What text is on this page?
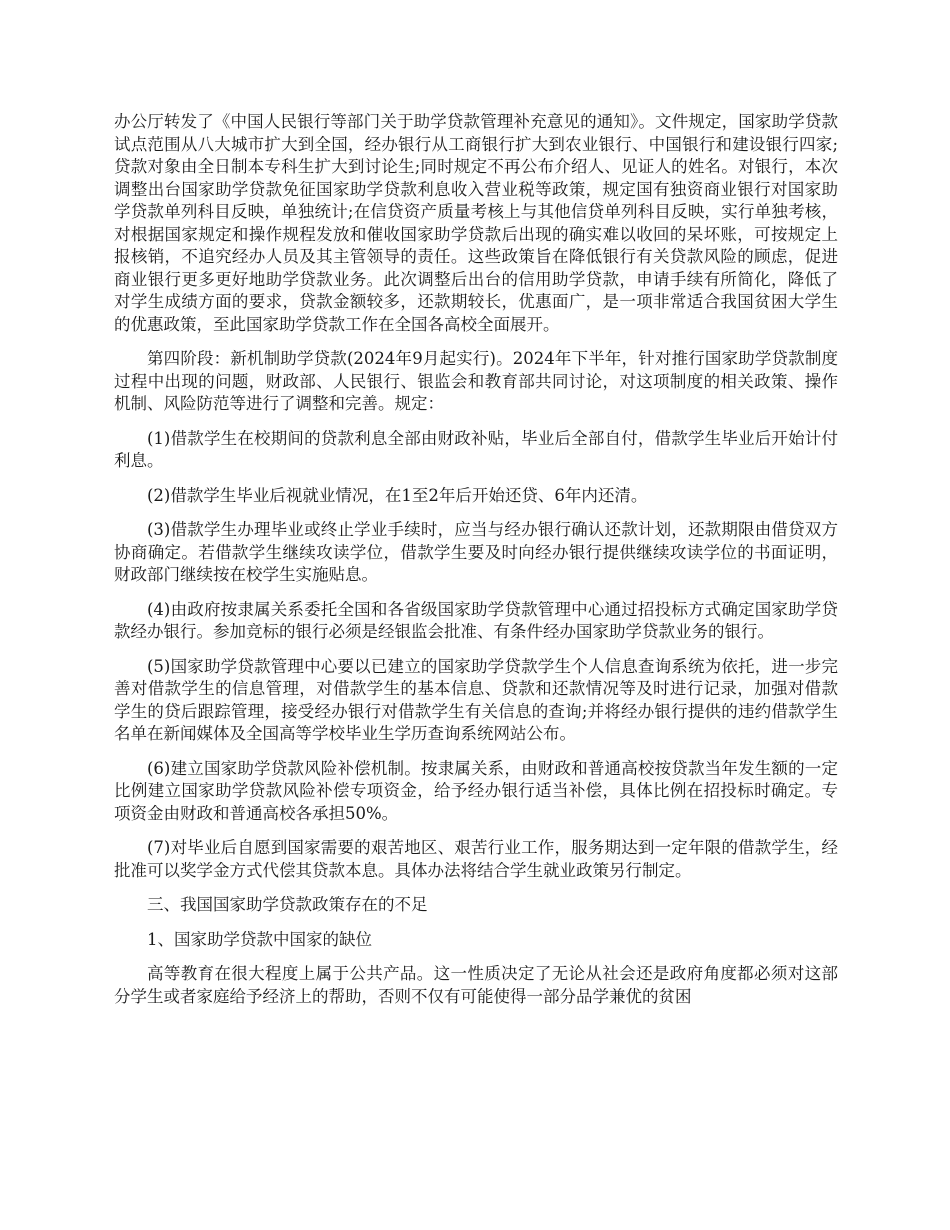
办公厅转发了《中国人民银行等部门关于助学贷款管理补充意见的通知》。文件规定，国家助学贷款试点范围从八大城市扩大到全国，经办银行从工商银行扩大到农业银行、中国银行和建设银行四家;贷款对象由全日制本专科生扩大到讨论生;同时规定不再公布介绍人、见证人的姓名。对银行，本次调整出台国家助学贷款免征国家助学贷款利息收入营业税等政策，规定国有独资商业银行对国家助学贷款单列科目反映，单独统计;在信贷资产质量考核上与其他信贷单列科目反映，实行单独考核，对根据国家规定和操作规程发放和催收国家助学贷款后出现的确实难以收回的呆坏账，可按规定上报核销，不追究经办人员及其主管领导的责任。这些政策旨在降低银行有关贷款风险的顾虑，促进商业银行更多更好地助学贷款业务。此次调整后出台的信用助学贷款，申请手续有所简化，降低了对学生成绩方面的要求，贷款金额较多，还款期较长，优惠面广，是一项非常适合我国贫困大学生的优惠政策，至此国家助学贷款工作在全国各高校全面展开。

第四阶段：新机制助学贷款(2024年9月起实行)。2024年下半年，针对推行国家助学贷款制度过程中出现的问题，财政部、人民银行、银监会和教育部共同讨论，对这项制度的相关政策、操作机制、风险防范等进行了调整和完善。规定：

(1)借款学生在校期间的贷款利息全部由财政补贴，毕业后全部自付，借款学生毕业后开始计付利息。

(2)借款学生毕业后视就业情况，在1至2年后开始还贷、6年内还清。

(3)借款学生办理毕业或终止学业手续时，应当与经办银行确认还款计划，还款期限由借贷双方协商确定。若借款学生继续攻读学位，借款学生要及时向经办银行提供继续攻读学位的书面证明，财政部门继续按在校学生实施贴息。

(4)由政府按隶属关系委托全国和各省级国家助学贷款管理中心通过招投标方式确定国家助学贷款经办银行。参加竞标的银行必须是经银监会批准、有条件经办国家助学贷款业务的银行。

(5)国家助学贷款管理中心要以已建立的国家助学贷款学生个人信息查询系统为依托，进一步完善对借款学生的信息管理，对借款学生的基本信息、贷款和还款情况等及时进行记录，加强对借款学生的贷后跟踪管理，接受经办银行对借款学生有关信息的查询;并将经办银行提供的违约借款学生名单在新闻媒体及全国高等学校毕业生学历查询系统网站公布。

(6)建立国家助学贷款风险补偿机制。按隶属关系，由财政和普通高校按贷款当年发生额的一定比例建立国家助学贷款风险补偿专项资金，给予经办银行适当补偿，具体比例在招投标时确定。专项资金由财政和普通高校各承担50%。

(7)对毕业后自愿到国家需要的艰苦地区、艰苦行业工作，服务期达到一定年限的借款学生，经批准可以奖学金方式代偿其贷款本息。具体办法将结合学生就业政策另行制定。

三、我国国家助学贷款政策存在的不足

1、国家助学贷款中国家的缺位

高等教育在很大程度上属于公共产品。这一性质决定了无论从社会还是政府角度都必须对这部分学生或者家庭给予经济上的帮助，否则不仅有可能使得一部分品学兼优的贫困
